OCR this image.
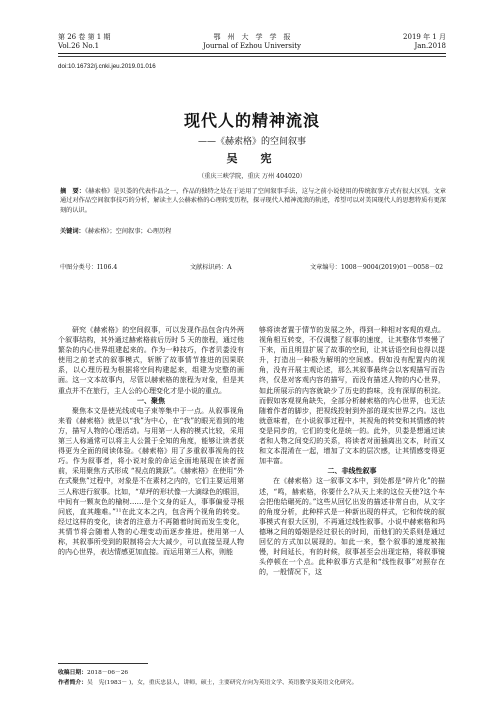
第 26 卷 第 1 期
Vol.26 No.1
鄂　州　大　学　学　报
Journal of Ezhou University
2019 年 1 月
Jan.2018
doi:10.16732/j.cnki.jeu.2019.01.016
现代人的精神流浪
——《赫索格》的空间叙事
吴　宪
（重庆三峡学院，重庆 万州 404020）
摘　要：《赫索格》是贝娄的代表作品之一，作品的独特之处在于运用了空间叙事手法，这与之前小说使用的传统叙事方式有很大区别。文章通过对作品空间叙事技巧的分析，解读主人公赫索格的心理转变历程，探寻现代人精神流浪的轨迹，希望可以对美国现代人的思想特质有更深刻的认识。
关键词：《赫索格》；空间叙事；心理历程
中图分类号：I106.4	文献标识码：A	文章编号：1008－9004(2019)01－0058－02

研究《赫索格》的空间叙事，可以发现作品包含内外两个叙事结构，其外通过赫索格前后历时 5 天的旅程，通过他繁杂的内心世界组建起来的。作为一种技巧，作者贝娄没有使用之前老式的叙事模式，斩断了故事情节推进的因果联系，以心理历程为根据将空间构建起来，组建为完整的画面。这一文本故事内，尽管以赫索格的旅程为对象，但是其重点并不在旅行，主人公的心理变化才是小说的重点。

一、聚焦

聚焦本文是使光线或电子束等集中于一点。从叙事视角来看《赫索格》就是以“我”为中心，在“我”的眼光看到的地方，描写人物的心理活动。与用第一人称的模式比较，采用第三人称通常可以将主人公置于全知的角度，能够让读者获得更为全面的阅读体验。《赫索格》用了多重叙事视角的技巧。作为叙事者，将小说对象的命运全面地展现在读者面前，采用聚焦方式形成 “视点的跳跃”。《赫索格》在使用“外在式聚焦”过程中，对象是不在素材之内的，它们主要运用第三人称进行叙事。比如，“草坪的形状像一大滴绿色的眼泪，中间有一颗灰色的榆树……是个文身的证人，事事偏爱寻根问底，直其趣难。”¹¹在此文本之内，包含两个视角的转变。经过这样的变化，读者的注意力不再随着时间而发生变化，其情节将会随着人物的心理变动而逐步推进。使用第一人称，其叙事所受到的限制将会大大减少，可以直接呈现人物的内心世界，表达情感更加直接。而运用第三人称，则能

够将读者置于情节的发展之外，得到一种相对客观的观点。视角相互转变，不仅调整了叙事的速度，让其整体节奏慢了下来，而且明显扩展了故事的空间，让其话语空间也得以提升，打造出一种极为解明的空间感。假如没有配置内的视角，没有开展主观论述，那么其叙事最终会以客观描写而告终，仅是对客观内容的描写，而没有描述人物的内心世界，如此所展示的内容就缺少了历史的韵味，没有深厚的积淀。而假如客观视角缺失，全部分析赫索格的内心世界，也无法随着作者的脚步，把视线投射到外部的现实世界之内。这也就意味着，在小说叙事过程中，其视角的转变和其情感的转变是同步的，它们的变化是统一的。此外，贝娄是想通过读者和人物之间变幻的关系，将读者对面插离出文本，时而又和文本混淆在一起，增加了文本的层次感，让其情感变得更加丰富。

二、非线性叙事

在《赫索格》这一叙事文本中，到处都是“碎片化”的描述，“鸣，赫索格，你要什么?从天上来的这位天使?这个车会把他给碾死的。”这些从回忆出发的描述非常自由，从文字的角度分析，此种样式是一种新出现的样式，它和传统的叙事模式有很大区别，不再通过线性叙事。小说中赫索格和玛德琳之间的婚姻是经过很长的时间，而他们的关系则是通过回忆的方式加以展现的。如此一来，整个叙事的速度被拖慢，时间延长，有的时候，叙事甚至会出现定格，将叙事镜头停顿在一个点。此种叙事方式是和“线性叙事”对照存在的，一般情况下，这

收稿日期：2018－06－26
作者简介：吴　宪(1983－ )，女，重庆忠县人，讲师，硕士，主要研究方向为英语文学、英语教学及英语文化研究。
